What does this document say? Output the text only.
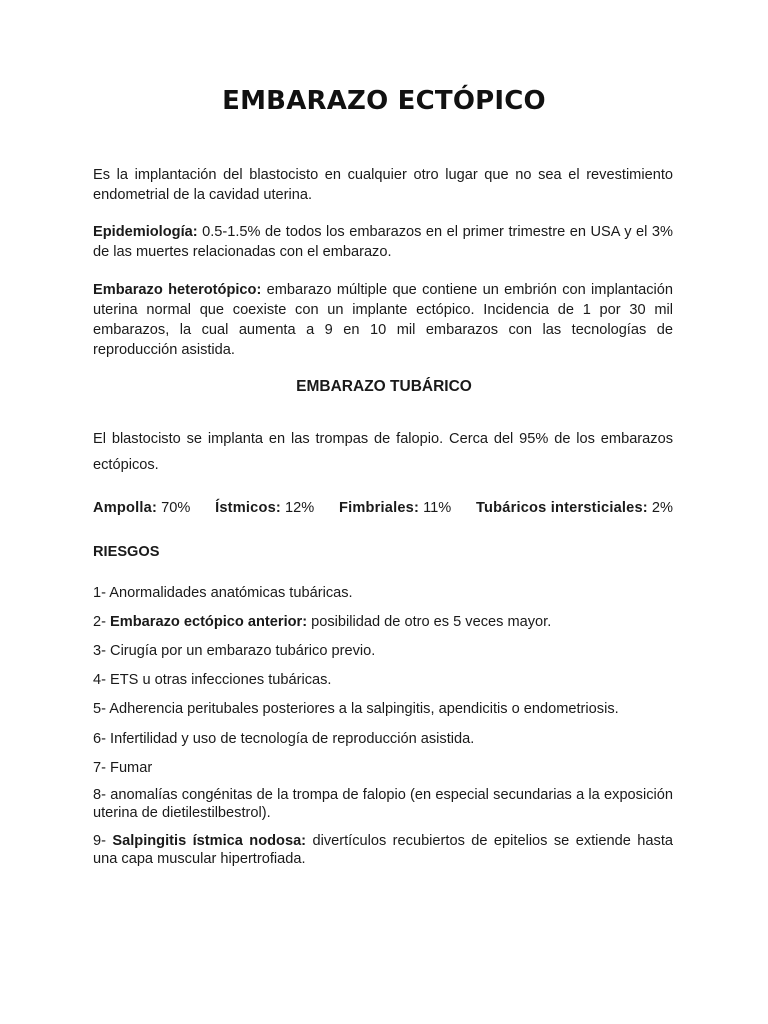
EMBARAZO ECTÓPICO
Es la implantación del blastocisto en cualquier otro lugar que no sea el revestimiento endometrial de la cavidad uterina.
Epidemiología: 0.5-1.5% de todos los embarazos en el primer trimestre en USA y el 3% de las muertes relacionadas con el embarazo.
Embarazo heterotópico: embarazo múltiple que contiene un embrión con implantación uterina normal que coexiste con un implante ectópico. Incidencia de 1 por 30 mil embarazos, la cual aumenta a 9 en 10 mil embarazos con las tecnologías de reproducción asistida.
EMBARAZO TUBÁRICO
El blastocisto se implanta en las trompas de falopio. Cerca del 95% de los embarazos ectópicos.
Ampolla: 70% Ístmicos: 12% Fimbriales: 11% Tubáricos intersticiales: 2%
RIESGOS
1- Anormalidades anatómicas tubáricas.
2- Embarazo ectópico anterior: posibilidad de otro es 5 veces mayor.
3- Cirugía por un embarazo tubárico previo.
4- ETS u otras infecciones tubáricas.
5- Adherencia peritubales posteriores a la salpingitis, apendicitis o endometriosis.
6- Infertilidad y uso de tecnología de reproducción asistida.
7- Fumar
8- anomalías congénitas de la trompa de falopio (en especial secundarias a la exposición uterina de dietilestilbestrol).
9- Salpingitis ístmica nodosa: divertículos recubiertos de epitelios se extiende hasta una capa muscular hipertrofiada.
